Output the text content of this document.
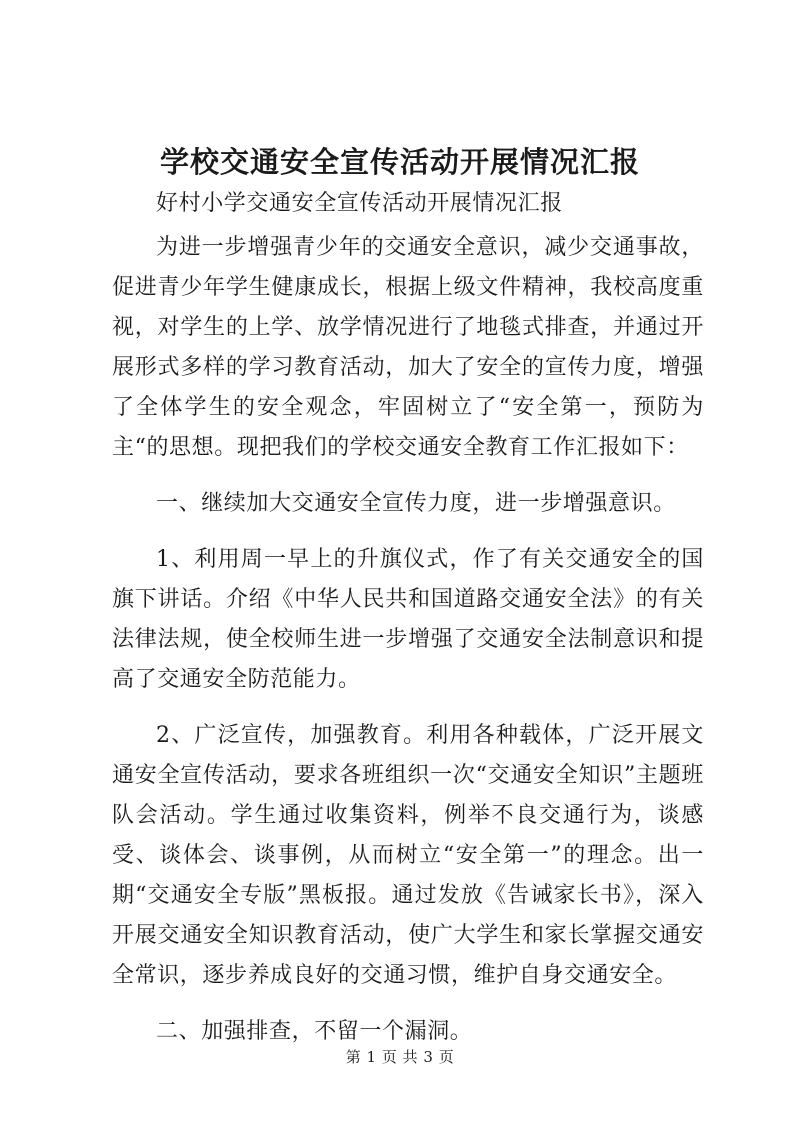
学校交通安全宣传活动开展情况汇报

好村小学交通安全宣传活动开展情况汇报

为进一步增强青少年的交通安全意识，减少交通事故，促进青少年学生健康成长，根据上级文件精神，我校高度重视，对学生的上学、放学情况进行了地毯式排查，并通过开展形式多样的学习教育活动，加大了安全的宣传力度，增强了全体学生的安全观念，牢固树立了“安全第一，预防为主“的思想。现把我们的学校交通安全教育工作汇报如下：

一、继续加大交通安全宣传力度，进一步增强意识。

1、利用周一早上的升旗仪式，作了有关交通安全的国旗下讲话。介绍《中华人民共和国道路交通安全法》的有关法律法规，使全校师生进一步增强了交通安全法制意识和提高了交通安全防范能力。

2、广泛宣传，加强教育。利用各种载体，广泛开展文通安全宣传活动，要求各班组织一次“交通安全知识”主题班队会活动。学生通过收集资料，例举不良交通行为，谈感受、谈体会、谈事例，从而树立“安全第一”的理念。出一期“交通安全专版”黑板报。通过发放《告诫家长书》，深入开展交通安全知识教育活动，使广大学生和家长掌握交通安全常识，逐步养成良好的交通习惯，维护自身交通安全。

二、加强排查，不留一个漏洞。

第 1 页 共 3 页
